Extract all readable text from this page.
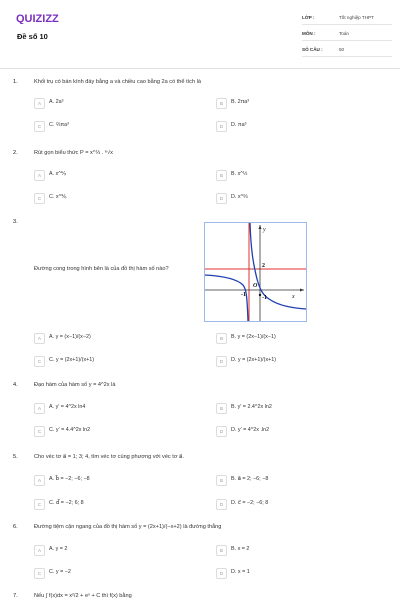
QUIZIZZ
Đề số 10
LỚP :	Tốt nghiệp THPT
MÔN :	Toán
SỐ CÂU :	50
1.	Khối trụ có bán kính đáy bằng a và chiều cao bằng 2a có thể tích là
A	A. 2a³	B	B. 2πa³
C	C. ⅔πa³	D	D. πa³
2.	Rút gọn biểu thức P = x^⅓ . ⁶√x
A	A. x^⅑	B	B. x^½
C	C. x^⅙	D	D. x^⅔
3.
Đường cong trong hình bên là của đồ thị hàm số nào?
A	A. y = (x−1)/(x−2)	B	B. y = (2x−1)/(x−1)
C	C. y = (2x+1)/(x+1)	D	D. y = (2x+1)/(x+1)
y
x
2
O
-1	-1
4.	Đạo hàm của hàm số y = 4^2x là
A	A. y′ = 4^2x ln4	B	B. y′ = 2.4^2x ln2
C	C. y′ = 4.4^2x ln2	D	D. y′ = 4^2x .ln2
5.	Cho véc tơ a⃗ = 1; 3; 4, tìm véc tơ cùng phương với véc tơ a⃗.
A	A. b⃗ = −2; −6; −8	B	B. a⃗ = 2; −6; −8
C	C. d⃗ = −2; 6; 8	D	D. c⃗ = −2; −6; 8
6.	Đường tiệm cận ngang của đồ thị hàm số y = (2x+1)/(−x+2) là đường thẳng
A	A. y = 2	B	B. x = 2
C	C. y = −2	D	D. x = 1
7.	Nếu ∫ f(x)dx = x²/2 + eˣ + C thì f(x) bằng
